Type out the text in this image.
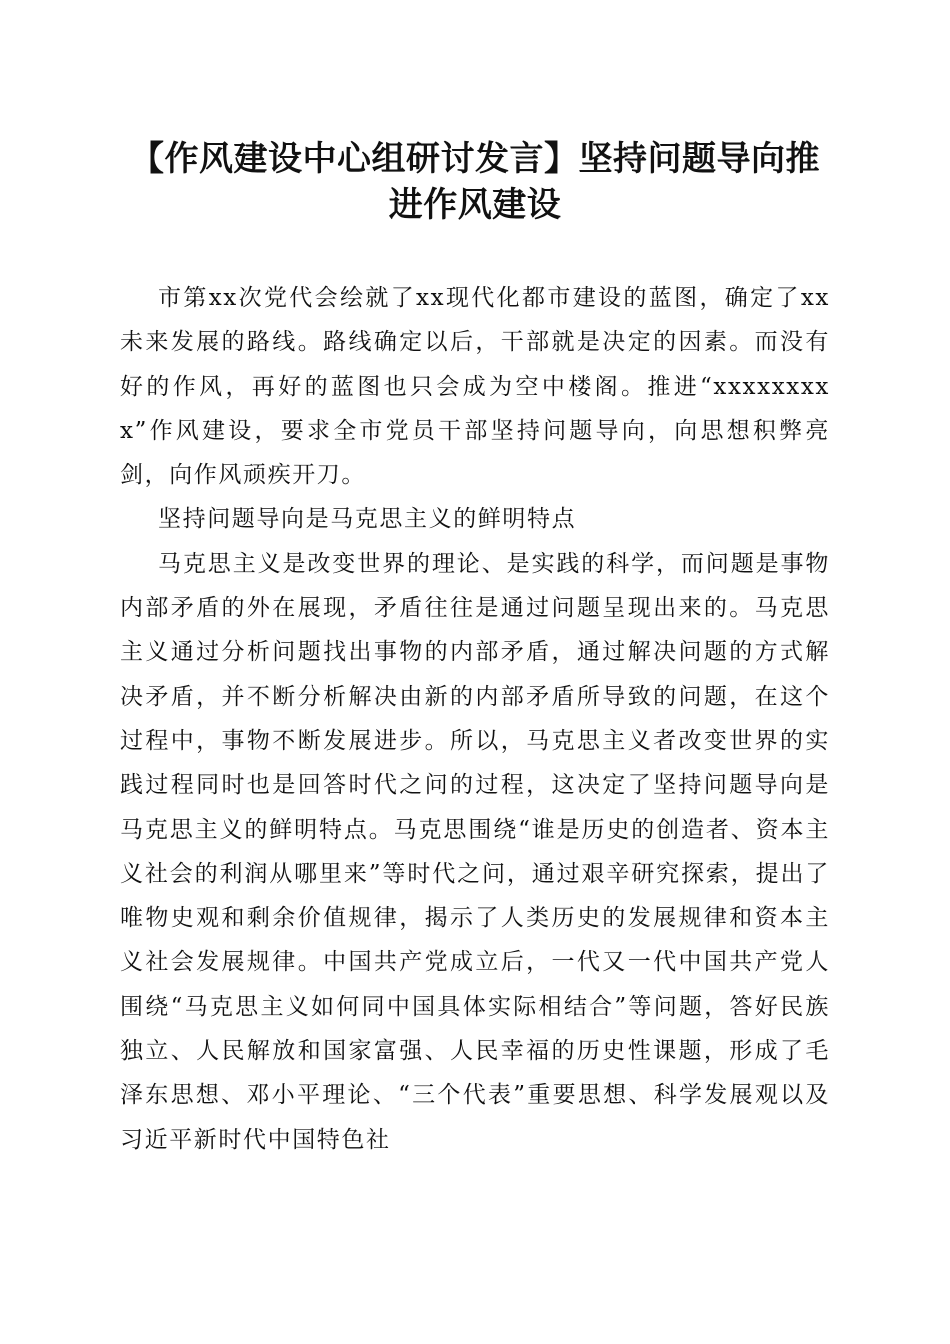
【作风建设中心组研讨发言】坚持问题导向推进作风建设

市第xx次党代会绘就了xx现代化都市建设的蓝图，确定了xx未来发展的路线。路线确定以后，干部就是决定的因素。而没有好的作风，再好的蓝图也只会成为空中楼阁。推进“xxxxxxxxx”作风建设，要求全市党员干部坚持问题导向，向思想积弊亮剑，向作风顽疾开刀。

坚持问题导向是马克思主义的鲜明特点

马克思主义是改变世界的理论、是实践的科学，而问题是事物内部矛盾的外在展现，矛盾往往是通过问题呈现出来的。马克思主义通过分析问题找出事物的内部矛盾，通过解决问题的方式解决矛盾，并不断分析解决由新的内部矛盾所导致的问题，在这个过程中，事物不断发展进步。所以，马克思主义者改变世界的实践过程同时也是回答时代之问的过程，这决定了坚持问题导向是马克思主义的鲜明特点。马克思围绕“谁是历史的创造者、资本主义社会的利润从哪里来”等时代之问，通过艰辛研究探索，提出了唯物史观和剩余价值规律，揭示了人类历史的发展规律和资本主义社会发展规律。中国共产党成立后，一代又一代中国共产党人围绕“马克思主义如何同中国具体实际相结合”等问题，答好民族独立、人民解放和国家富强、人民幸福的历史性课题，形成了毛泽东思想、邓小平理论、“三个代表”重要思想、科学发展观以及习近平新时代中国特色社
